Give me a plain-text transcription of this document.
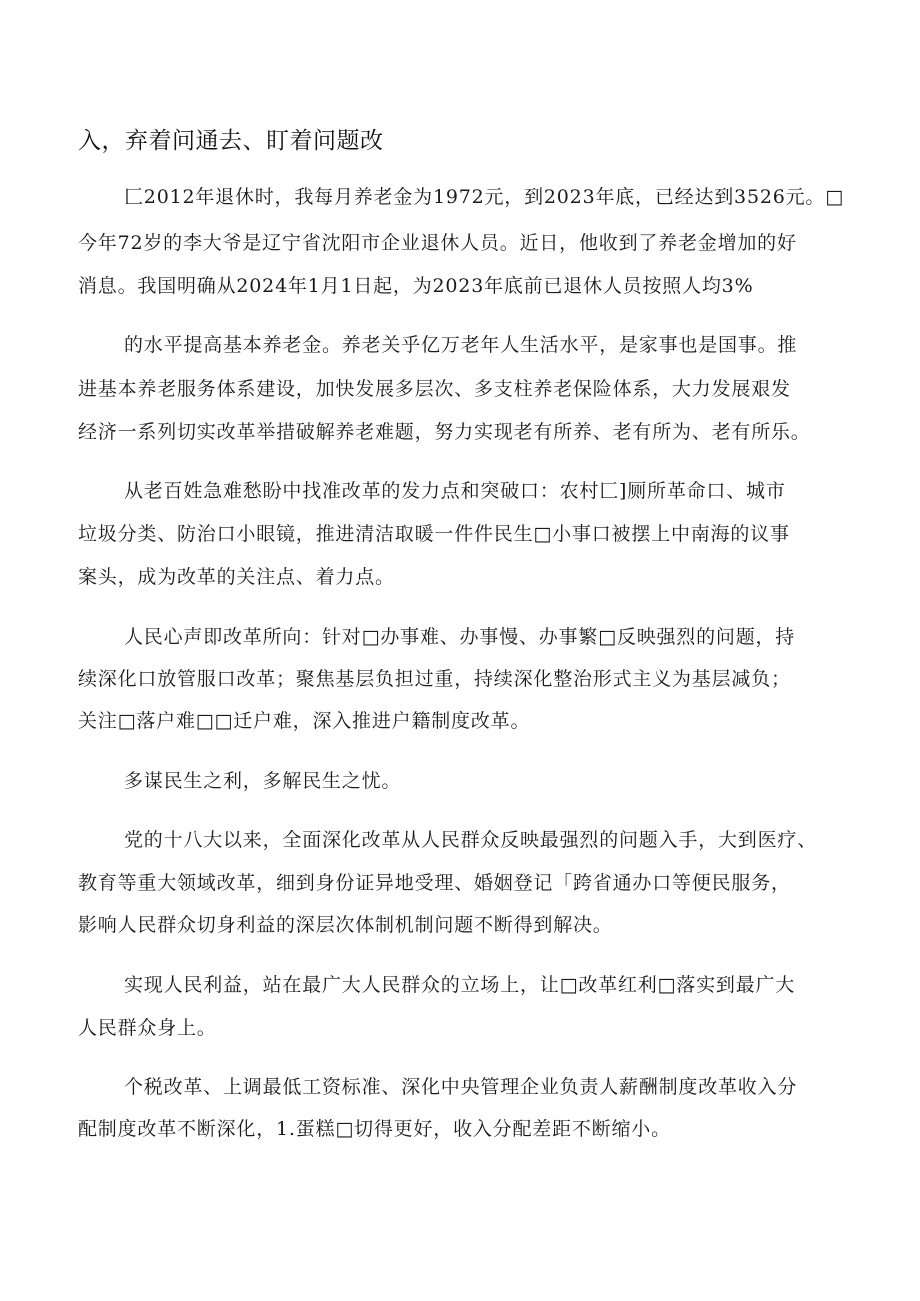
入，弃着问通去、盯着问题改
匚2012年退休时，我每月养老金为1972元，到2023年底，已经达到3526元。□
今年72岁的李大爷是辽宁省沈阳市企业退休人员。近日，他收到了养老金增加的好
消息。我国明确从2024年1月1日起，为2023年底前已退休人员按照人均3%
的水平提高基本养老金。养老关乎亿万老年人生活水平，是家事也是国事。推
进基本养老服务体系建设，加快发展多层次、多支柱养老保险体系，大力发展艰发
经济一系列切实改革举措破解养老难题，努力实现老有所养、老有所为、老有所乐。
从老百姓急难愁盼中找准改革的发力点和突破口：农村匚]厕所革命口、城市
垃圾分类、防治口小眼镜，推进清洁取暖一件件民生□小事口被摆上中南海的议事
案头，成为改革的关注点、着力点。
人民心声即改革所向：针对□办事难、办事慢、办事繁□反映强烈的问题，持
续深化口放管服口改革；聚焦基层负担过重，持续深化整治形式主义为基层减负；
关注□落户难□□迁户难，深入推进户籍制度改革。
多谋民生之利，多解民生之忧。
党的十八大以来，全面深化改革从人民群众反映最强烈的问题入手，大到医疗、
教育等重大领域改革，细到身份证异地受理、婚姻登记「跨省通办口等便民服务，
影响人民群众切身利益的深层次体制机制问题不断得到解决。
实现人民利益，站在最广大人民群众的立场上，让□改革红利□落实到最广大
人民群众身上。
个税改革、上调最低工资标准、深化中央管理企业负责人薪酬制度改革收入分
配制度改革不断深化，1.蛋糕□切得更好，收入分配差距不断缩小。
